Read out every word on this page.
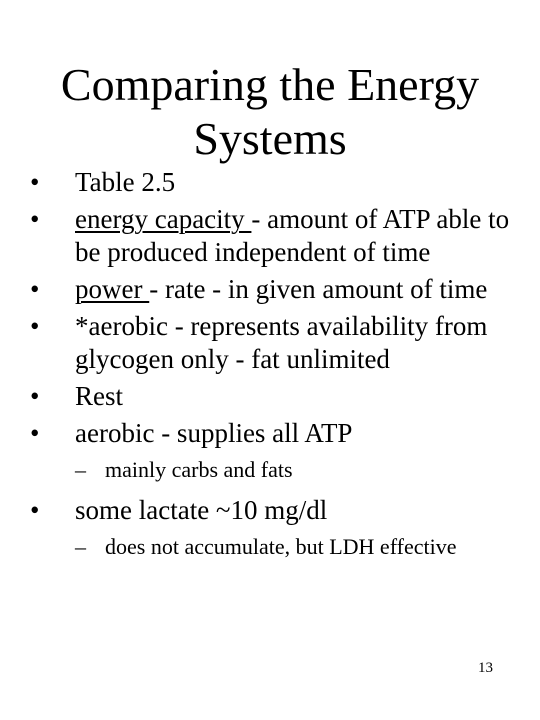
Comparing the Energy
Systems
•	Table 2.5
•	energy capacity - amount of ATP able to be produced independent of time
•	power - rate - in given amount of time
•	*aerobic - represents availability from glycogen only - fat unlimited
•	Rest
•	aerobic - supplies all ATP
– mainly carbs and fats
•	some lactate ~10 mg/dl
– does not accumulate, but LDH effective
13
